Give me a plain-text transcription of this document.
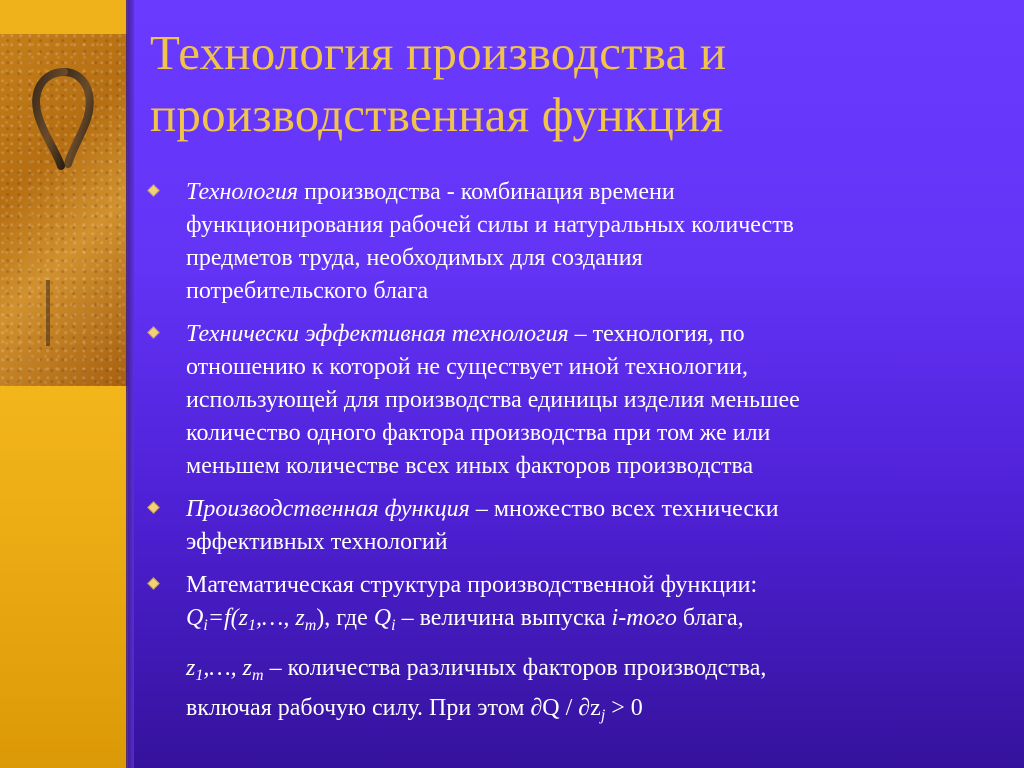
Технология производства и
производственная функция
Технология производства - комбинация времени
функционирования рабочей силы и натуральных количеств
предметов труда, необходимых для создания
потребительского блага
Технически эффективная технология – технология, по
отношению к которой не существует иной технологии,
использующей для производства единицы изделия меньшее
количество одного фактора производства при том же или
меньшем количестве всех иных факторов производства
Производственная функция – множество всех технически
эффективных технологий
Математическая структура производственной функции:
$Q_i=f(z_1,\dots$, $z_m$), где $Q_i$ – величина выпуска i-того блага,
$z_1,\dots$, $z_m$ – количества различных факторов производства,
включая рабочую силу. При этом $\partial Q / \partial z_j > 0$
